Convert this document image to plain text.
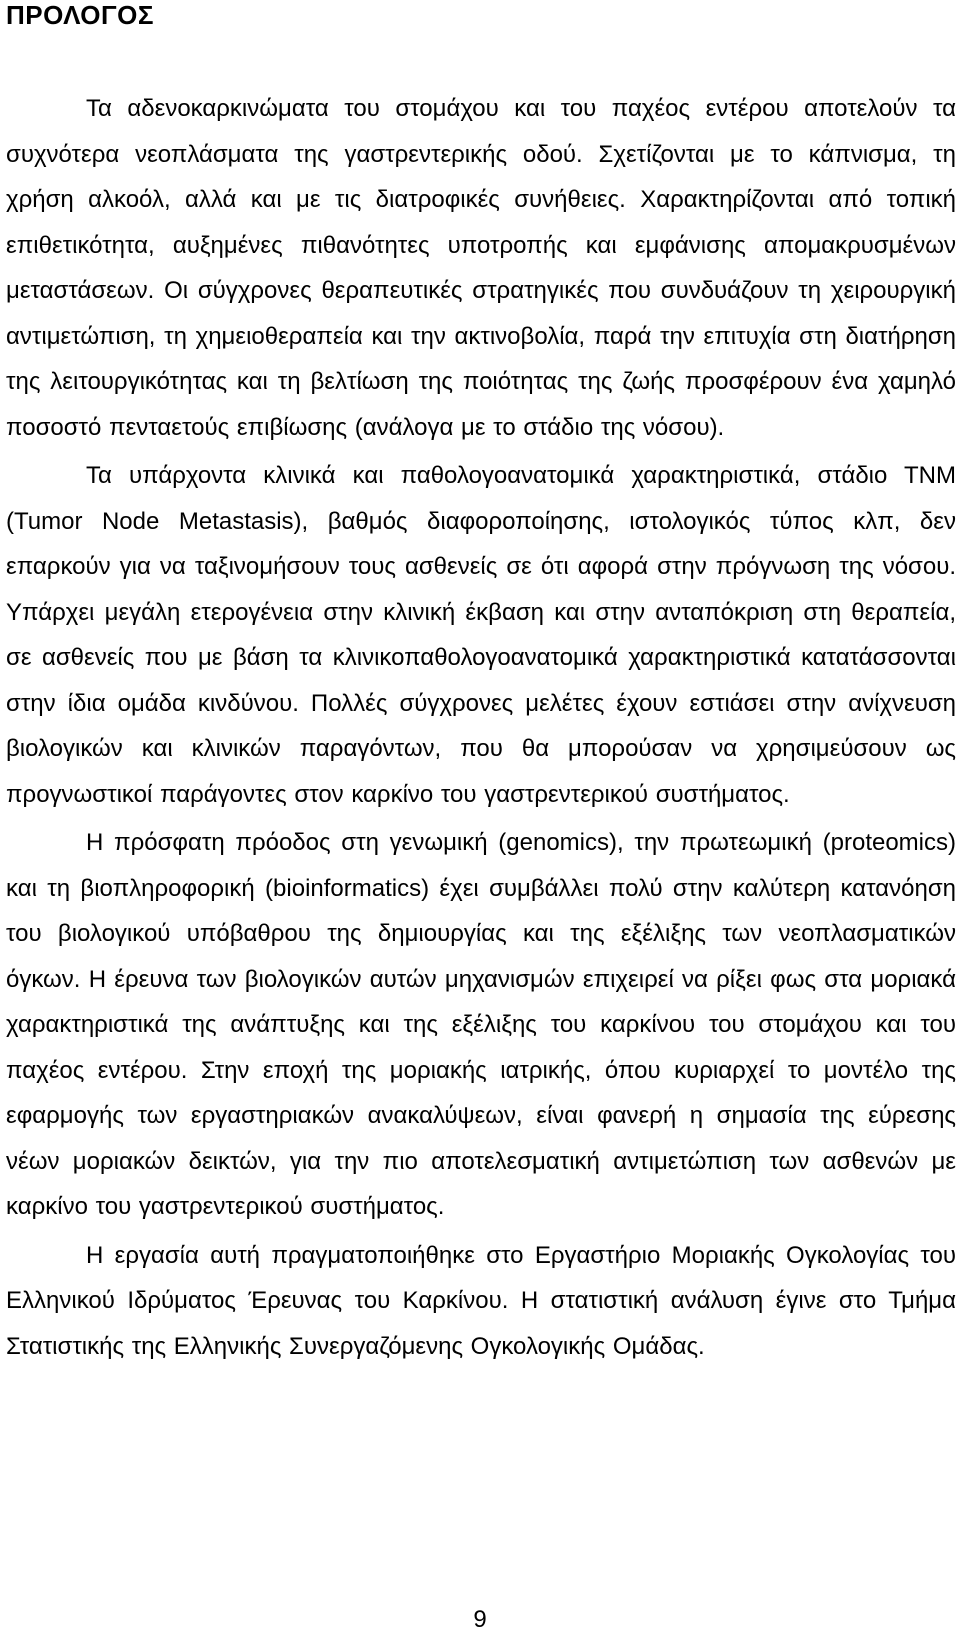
ΠΡΟΛΟΓΟΣ

Τα αδενοκαρκινώματα του στομάχου και του παχέος εντέρου αποτελούν τα συχνότερα νεοπλάσματα της γαστρεντερικής οδού. Σχετίζονται με το κάπνισμα, τη χρήση αλκοόλ, αλλά και με τις διατροφικές συνήθειες. Χαρακτηρίζονται από τοπική επιθετικότητα, αυξημένες πιθανότητες υποτροπής και εμφάνισης απομακρυσμένων μεταστάσεων. Οι σύγχρονες θεραπευτικές στρατηγικές που συνδυάζουν τη χειρουργική αντιμετώπιση, τη χημειοθεραπεία και την ακτινοβολία, παρά την επιτυχία στη διατήρηση της λειτουργικότητας και τη βελτίωση της ποιότητας της ζωής προσφέρουν ένα χαμηλό ποσοστό πενταετούς επιβίωσης (ανάλογα με το στάδιο της νόσου).

Τα υπάρχοντα κλινικά και παθολογοανατομικά χαρακτηριστικά, στάδιο ΤΝΜ (Tumor Node Metastasis), βαθμός διαφοροποίησης, ιστολογικός τύπος κλπ, δεν επαρκούν για να ταξινομήσουν τους ασθενείς σε ότι αφορά στην πρόγνωση της νόσου. Υπάρχει μεγάλη ετερογένεια στην κλινική έκβαση και στην ανταπόκριση στη θεραπεία, σε ασθενείς που με βάση τα κλινικοπαθολογοανατομικά χαρακτηριστικά κατατάσσονται στην ίδια ομάδα κινδύνου. Πολλές σύγχρονες μελέτες έχουν εστιάσει στην ανίχνευση βιολογικών και κλινικών παραγόντων, που θα μπορούσαν να χρησιμεύσουν ως προγνωστικοί παράγοντες στον καρκίνο του γαστρεντερικού συστήματος.

Η πρόσφατη πρόοδος στη γενωμική (genomics), την πρωτεωμική (proteomics) και τη βιοπληροφορική (bioinformatics) έχει συμβάλλει πολύ στην καλύτερη κατανόηση του βιολογικού υπόβαθρου της δημιουργίας και της εξέλιξης των νεοπλασματικών όγκων. Η έρευνα των βιολογικών αυτών μηχανισμών επιχειρεί να ρίξει φως στα μοριακά χαρακτηριστικά της ανάπτυξης και της εξέλιξης του καρκίνου του στομάχου και του παχέος εντέρου. Στην εποχή της μοριακής ιατρικής, όπου κυριαρχεί το μοντέλο της εφαρμογής των εργαστηριακών ανακαλύψεων, είναι φανερή η σημασία της εύρεσης νέων μοριακών δεικτών, για την πιο αποτελεσματική αντιμετώπιση των ασθενών με καρκίνο του γαστρεντερικού συστήματος.

Η εργασία αυτή πραγματοποιήθηκε στο Εργαστήριο Μοριακής Ογκολογίας του Ελληνικού Ιδρύματος Έρευνας του Καρκίνου. Η στατιστική ανάλυση έγινε στο Τμήμα Στατιστικής της Ελληνικής Συνεργαζόμενης Ογκολογικής Ομάδας.

9
